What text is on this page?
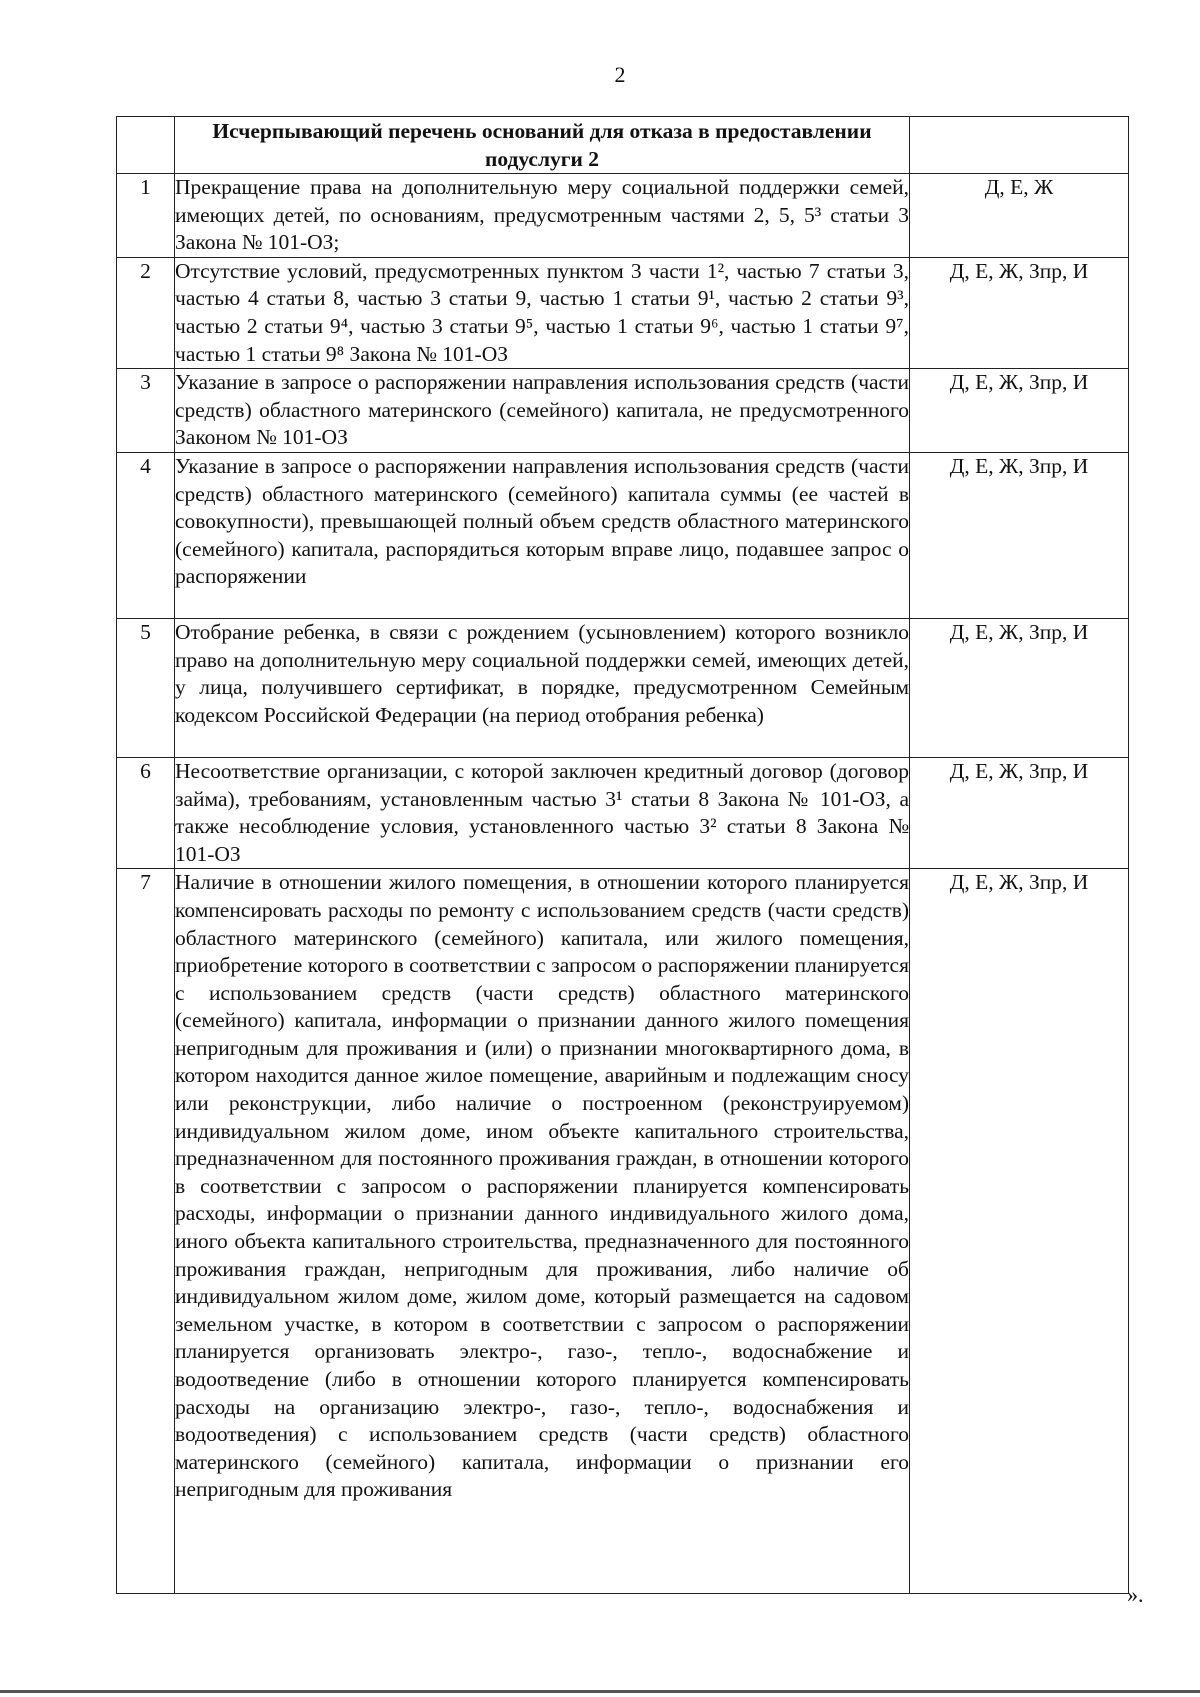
2
	Исчерпывающий перечень оснований для отказа в предоставлении подуслуги 2	
1	Прекращение права на дополнительную меру социальной поддержки семей, имеющих детей, по основаниям, предусмотренным частями 2, 5, 5³ статьи 3 Закона № 101-ОЗ;	Д, Е, Ж
2	Отсутствие условий, предусмотренных пунктом 3 части 1², частью 7 статьи 3, частью 4 статьи 8, частью 3 статьи 9, частью 1 статьи 9¹, частью 2 статьи 9³, частью 2 статьи 9⁴, частью 3 статьи 9⁵, частью 1 статьи 9⁶, частью 1 статьи 9⁷, частью 1 статьи 9⁸ Закона № 101-ОЗ	Д, Е, Ж, Зпр, И
3	Указание в запросе о распоряжении направления использования средств (части средств) областного материнского (семейного) капитала, не предусмотренного Законом № 101-ОЗ	Д, Е, Ж, Зпр, И
4	Указание в запросе о распоряжении направления использования средств (части средств) областного материнского (семейного) капитала суммы (ее частей в совокупности), превышающей полный объем средств областного материнского (семейного) капитала, распорядиться которым вправе лицо, подавшее запрос о распоряжении	Д, Е, Ж, Зпр, И
5	Отобрание ребенка, в связи с рождением (усыновлением) которого возникло право на дополнительную меру социальной поддержки семей, имеющих детей, у лица, получившего сертификат, в порядке, предусмотренном Семейным кодексом Российской Федерации (на период отобрания ребенка)	Д, Е, Ж, Зпр, И
6	Несоответствие организации, с которой заключен кредитный договор (договор займа), требованиям, установленным частью 3¹ статьи 8 Закона № 101-ОЗ, а также несоблюдение условия, установленного частью 3² статьи 8 Закона № 101-ОЗ	Д, Е, Ж, Зпр, И
7	Наличие в отношении жилого помещения, в отношении которого планируется компенсировать расходы по ремонту с использованием средств (части средств) областного материнского (семейного) капитала, или жилого помещения, приобретение которого в соответствии с запросом о распоряжении планируется с использованием средств (части средств) областного материнского (семейного) капитала, информации о признании данного жилого помещения непригодным для проживания и (или) о признании многоквартирного дома, в котором находится данное жилое помещение, аварийным и подлежащим сносу или реконструкции, либо наличие о построенном (реконструируемом) индивидуальном жилом доме, ином объекте капитального строительства, предназначенном для постоянного проживания граждан, в отношении которого в соответствии с запросом о распоряжении планируется компенсировать расходы, информации о признании данного индивидуального жилого дома, иного объекта капитального строительства, предназначенного для постоянного проживания граждан, непригодным для проживания, либо наличие об индивидуальном жилом доме, жилом доме, который размещается на садовом земельном участке, в котором в соответствии с запросом о распоряжении планируется организовать электро-, газо-, тепло-, водоснабжение и водоотведение (либо в отношении которого планируется компенсировать расходы на организацию электро-, газо-, тепло-, водоснабжения и водоотведения) с использованием средств (части средств) областного материнского (семейного) капитала, информации о признании его непригодным для проживания	Д, Е, Ж, Зпр, И
».
